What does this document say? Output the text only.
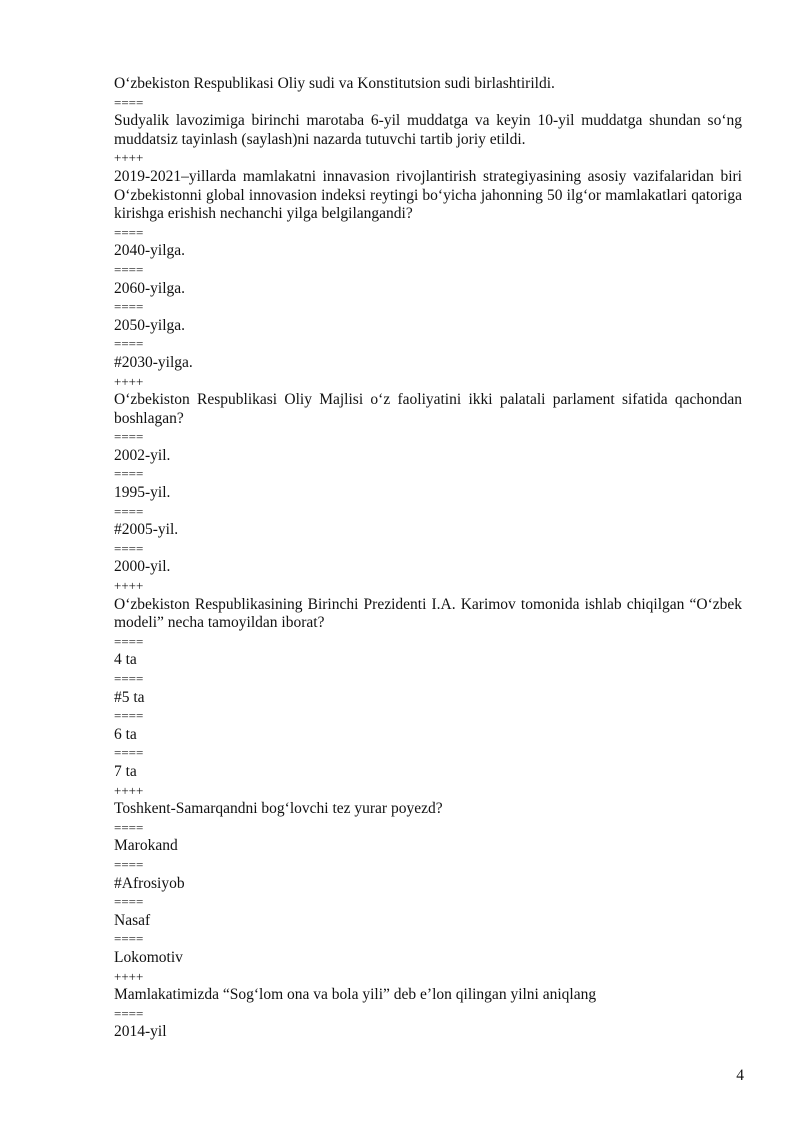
O‘zbekiston Respublikasi Oliy sudi va Konstitutsion sudi birlashtirildi.
====
Sudyalik lavozimiga birinchi marotaba 6-yil muddatga va keyin 10-yil muddatga shundan so‘ng muddatsiz tayinlash (saylash)ni nazarda tutuvchi tartib joriy etildi.
++++
2019-2021–yillarda mamlakatni innavasion rivojlantirish strategiyasining asosiy vazifalaridan biri O‘zbekistonni global innovasion indeksi reytingi bo‘yicha jahonning 50 ilg‘or mamlakatlari qatoriga kirishga erishish nechanchi yilga belgilangandi?
====
2040-yilga.
====
2060-yilga.
====
2050-yilga.
====
#2030-yilga.
++++
O‘zbekiston Respublikasi Oliy Majlisi o‘z faoliyatini ikki palatali parlament sifatida qachondan boshlagan?
====
2002-yil.
====
1995-yil.
====
#2005-yil.
====
2000-yil.
++++
O‘zbekiston Respublikasining Birinchi Prezidenti I.A. Karimov tomonida ishlab chiqilgan “O‘zbek modeli” necha tamoyildan iborat?
====
4 ta
====
#5 ta
====
6 ta
====
7 ta
++++
Toshkent-Samarqandni bog‘lovchi tez yurar poyezd?
====
Marokand
====
#Afrosiyob
====
Nasaf
====
Lokomotiv
++++
Mamlakatimizda “Sog‘lom ona va bola yili” deb e’lon qilingan yilni aniqlang
====
2014-yil
4
